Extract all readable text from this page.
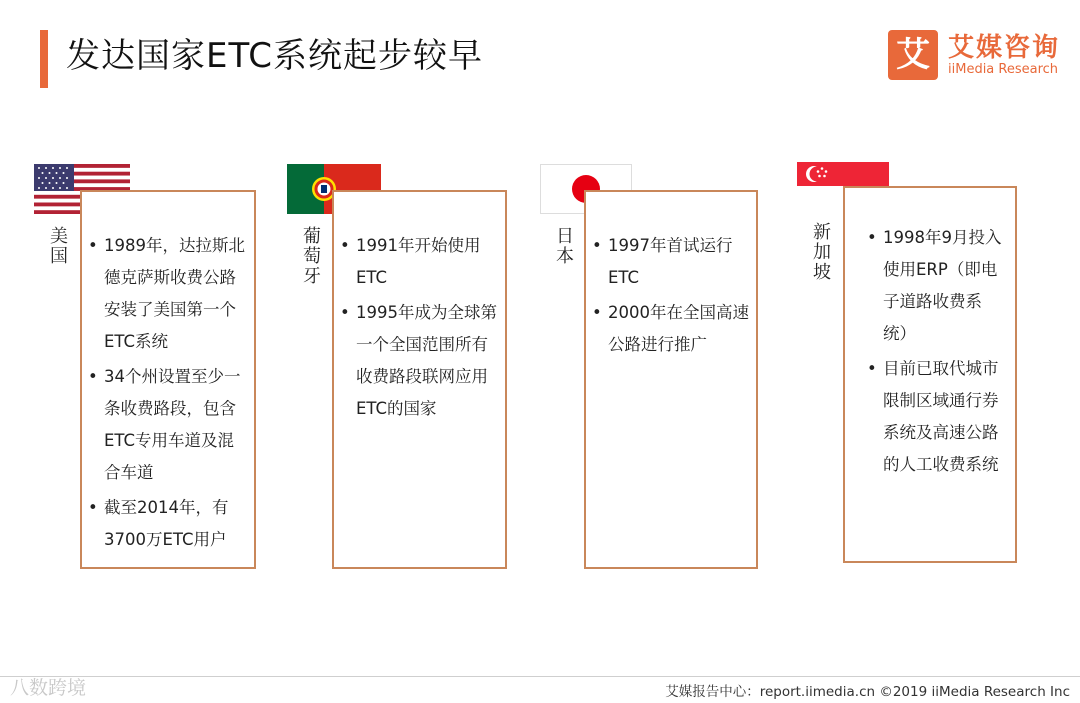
发达国家ETC系统起步较早	艾 艾媒咨询
iiMedia Research
美国 • 1989年，达拉斯北德克萨斯收费公路安装了美国第一个ETC系统
• 34个州设置至少一条收费路段，包含ETC专用车道及混合车道
• 截至2014年，有3700万ETC用户
葡萄牙 • 1991年开始使用ETC
• 1995年成为全球第一个全国范围所有收费路段联网应用ETC的国家
日本 • 1997年首试运行ETC
• 2000年在全国高速公路进行推广
新加坡 • 1998年9月投入使用ERP（即电子道路收费系统）
• 目前已取代城市限制区域通行券系统及高速公路的人工收费系统
八数跨境	艾媒报告中心：report.iimedia.cn ©2019 iiMedia Research Inc
